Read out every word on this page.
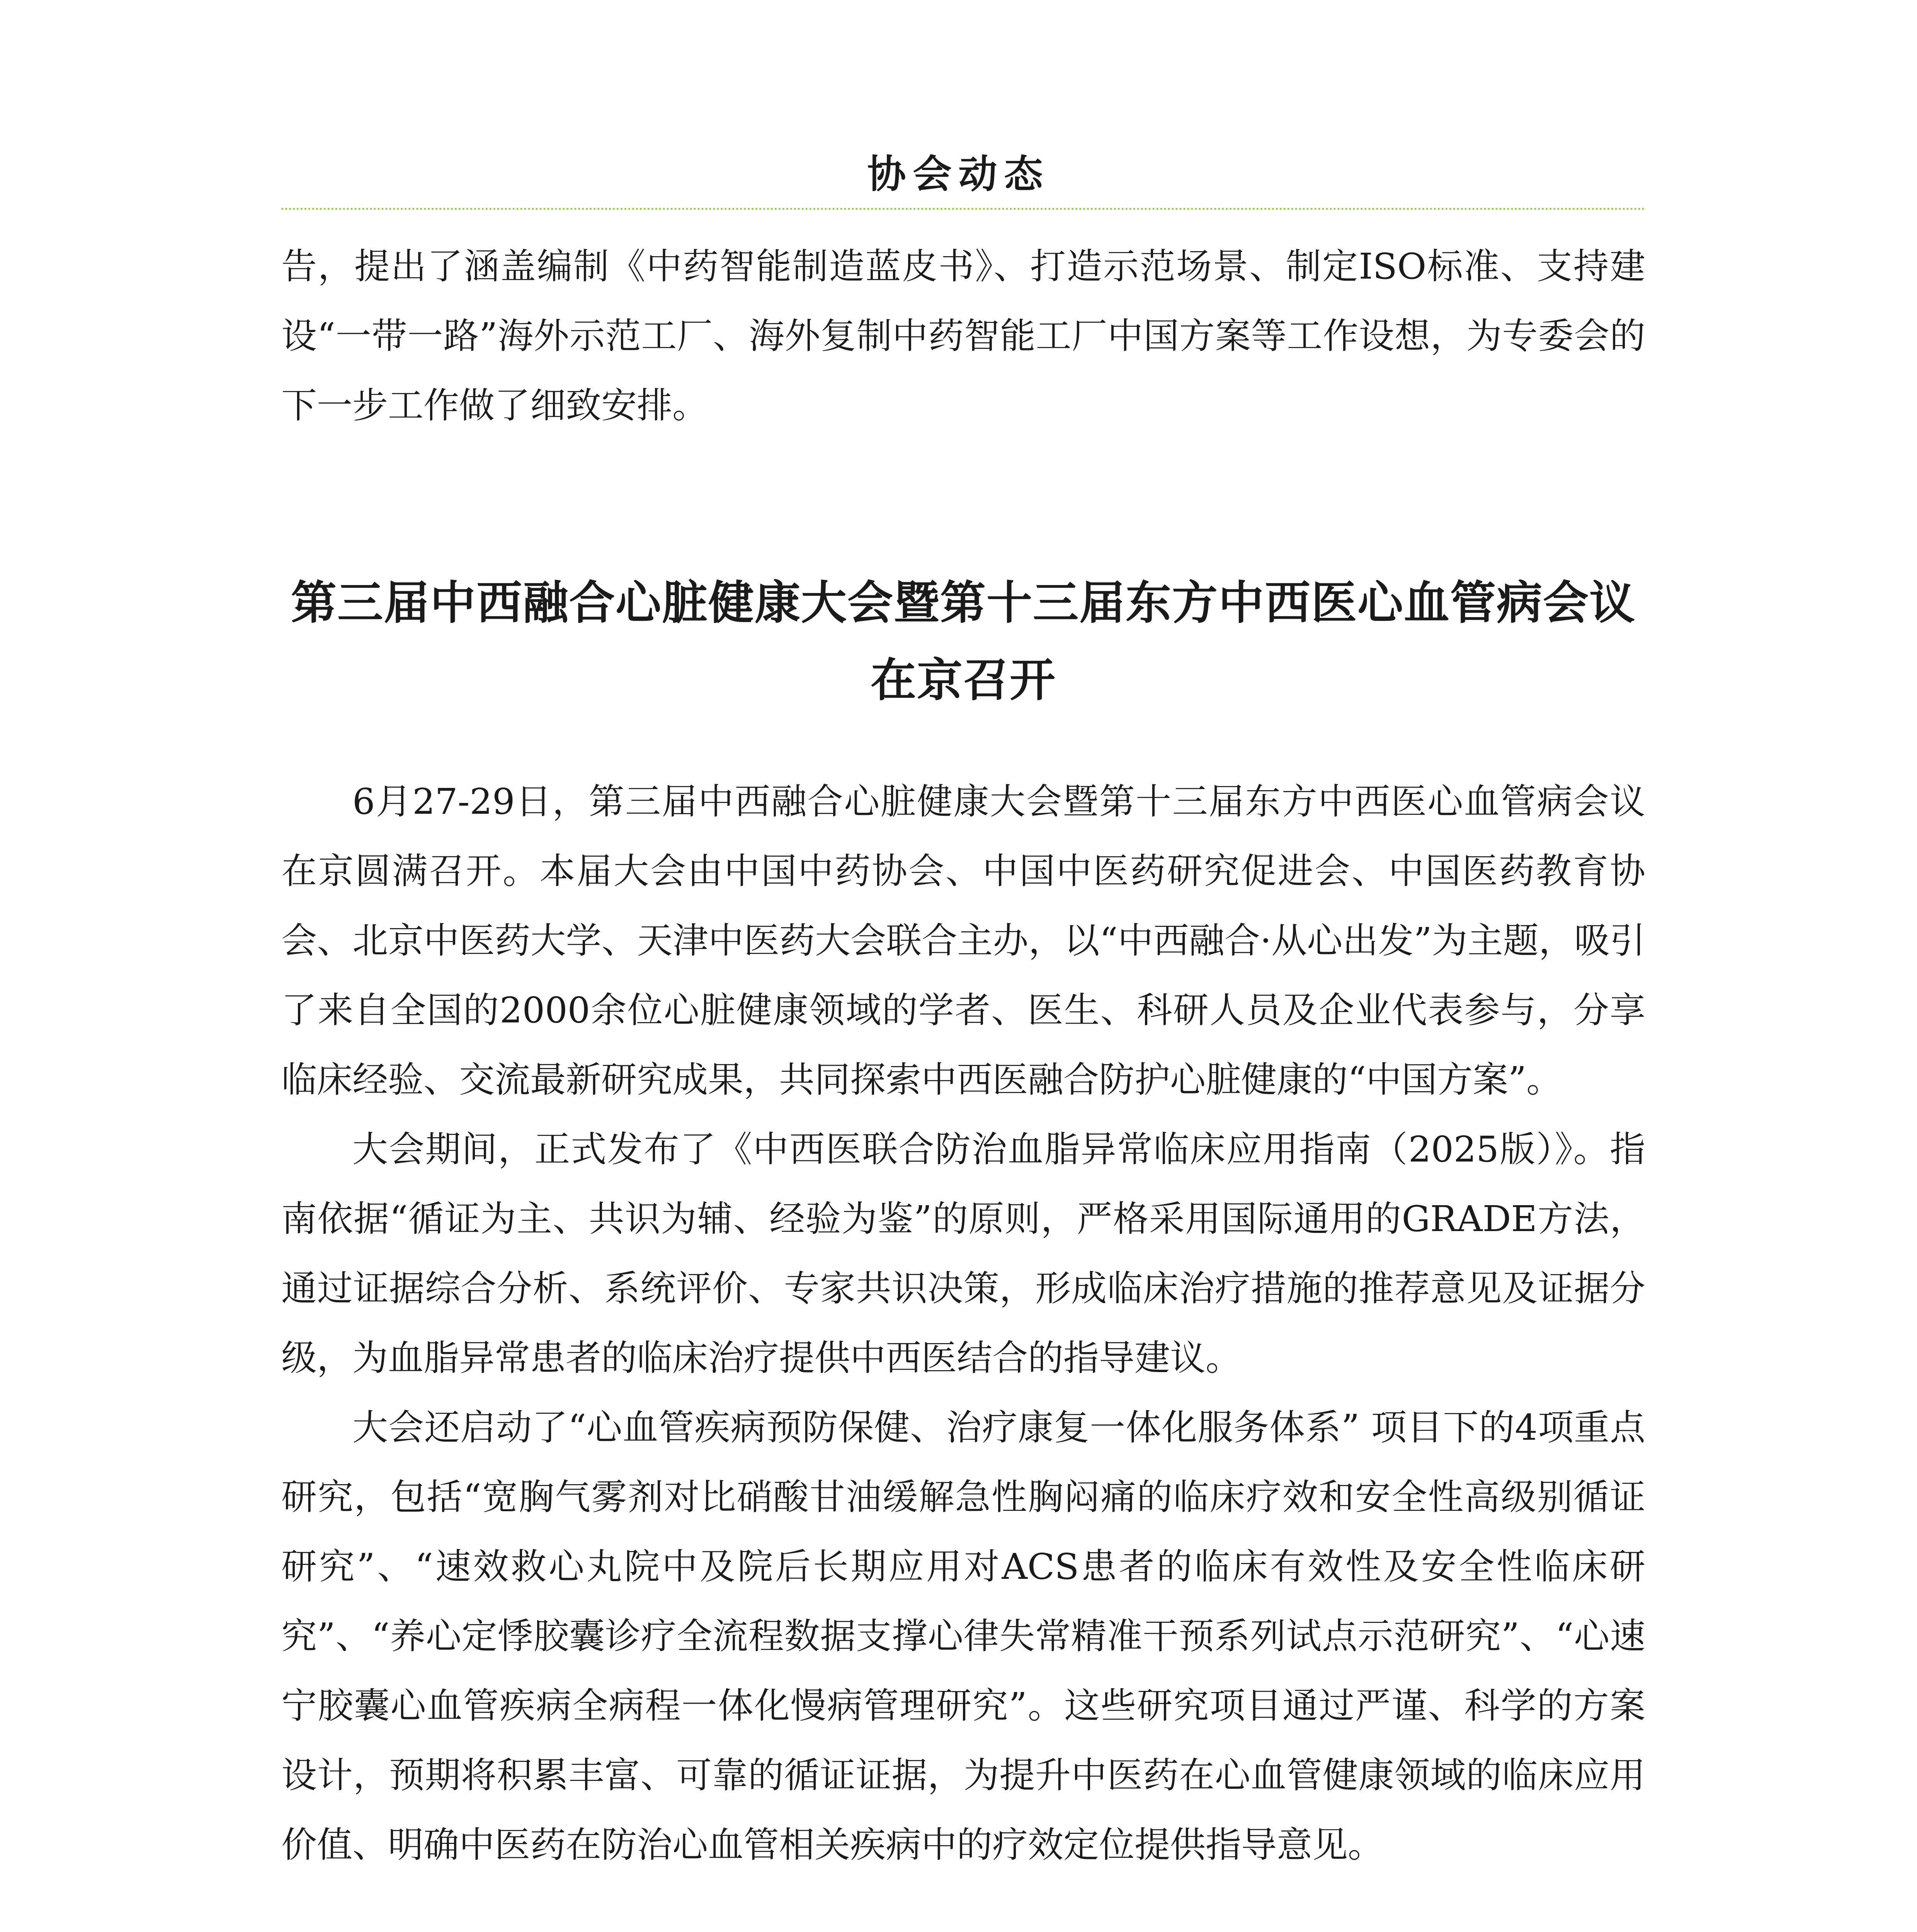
协会动态

告，提出了涵盖编制《中药智能制造蓝皮书》、打造示范场景、制定ISO标准、支持建设“一带一路”海外示范工厂、海外复制中药智能工厂中国方案等工作设想，为专委会的下一步工作做了细致安排。

第三届中西融合心脏健康大会暨第十三届东方中西医心血管病会议在京召开

6月27-29日，第三届中西融合心脏健康大会暨第十三届东方中西医心血管病会议在京圆满召开。本届大会由中国中药协会、中国中医药研究促进会、中国医药教育协会、北京中医药大学、天津中医药大会联合主办，以“中西融合·从心出发”为主题，吸引了来自全国的2000余位心脏健康领域的学者、医生、科研人员及企业代表参与，分享临床经验、交流最新研究成果，共同探索中西医融合防护心脏健康的“中国方案”。

大会期间，正式发布了《中西医联合防治血脂异常临床应用指南（2025版）》。指南依据“循证为主、共识为辅、经验为鉴”的原则，严格采用国际通用的GRADE方法，通过证据综合分析、系统评价、专家共识决策，形成临床治疗措施的推荐意见及证据分级，为血脂异常患者的临床治疗提供中西医结合的指导建议。

大会还启动了“心血管疾病预防保健、治疗康复一体化服务体系” 项目下的4项重点研究，包括“宽胸气雾剂对比硝酸甘油缓解急性胸闷痛的临床疗效和安全性高级别循证研究”、“速效救心丸院中及院后长期应用对ACS患者的临床有效性及安全性临床研究”、“养心定悸胶囊诊疗全流程数据支撑心律失常精准干预系列试点示范研究”、“心速宁胶囊心血管疾病全病程一体化慢病管理研究”。这些研究项目通过严谨、科学的方案设计，预期将积累丰富、可靠的循证证据，为提升中医药在心血管健康领域的临床应用价值、明确中医药在防治心血管相关疾病中的疗效定位提供指导意见。
